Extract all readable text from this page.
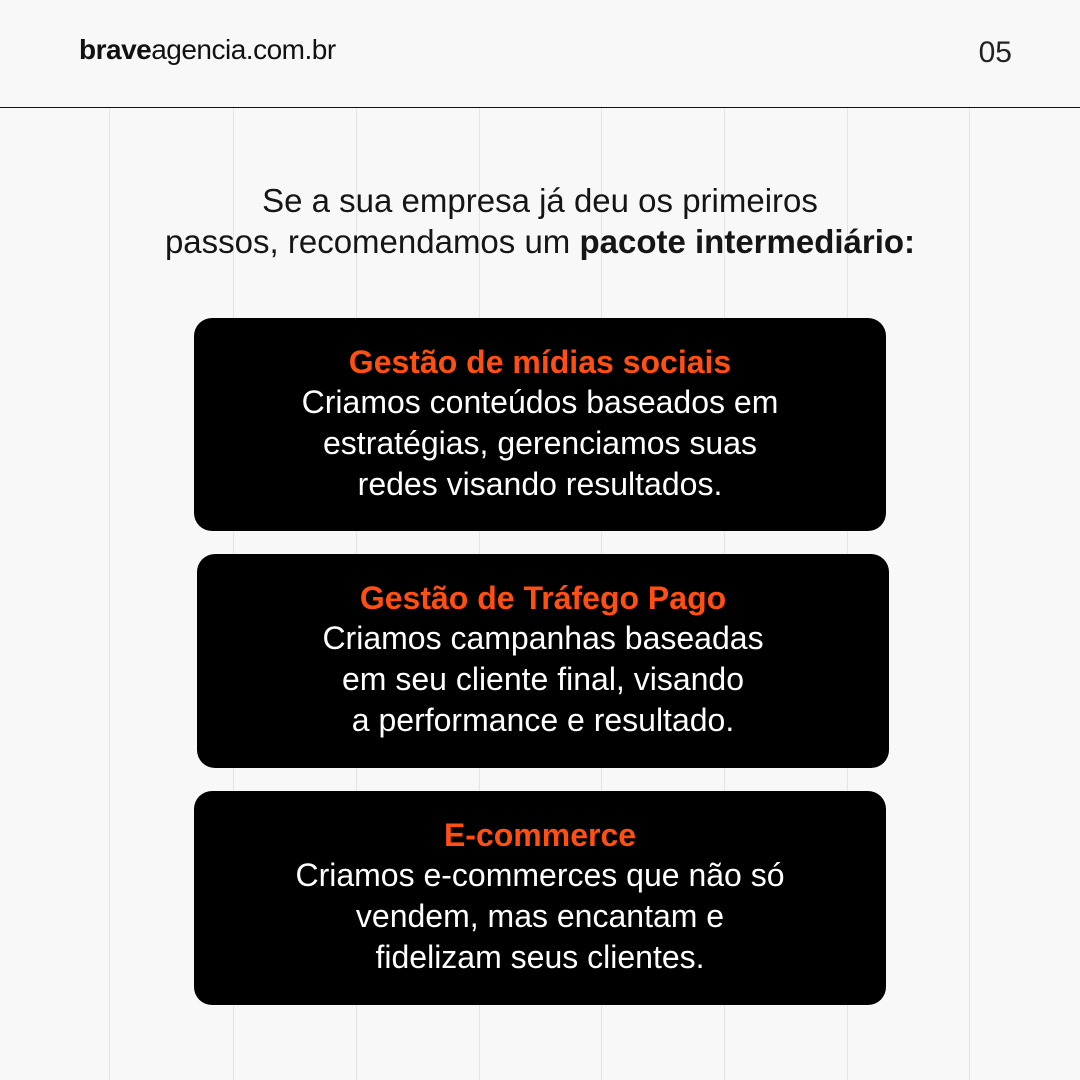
braveagencia.com.br	05
Se a sua empresa já deu os primeiros
passos, recomendamos um pacote intermediário:
Gestão de mídias sociais
Criamos conteúdos baseados em
estratégias, gerenciamos suas
redes visando resultados.
Gestão de Tráfego Pago
Criamos campanhas baseadas
em seu cliente final, visando
a performance e resultado.
E-commerce
Criamos e-commerces que não só
vendem, mas encantam e
fidelizam seus clientes.
